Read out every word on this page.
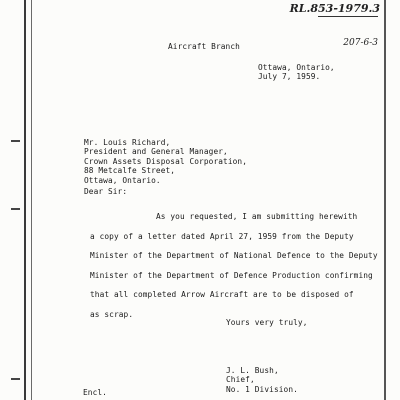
RL.853-1979.3
207-6-3
Aircraft Branch
Ottawa, Ontario,
July 7, 1959.
Mr. Louis Richard,
President and General Manager,
Crown Assets Disposal Corporation,
88 Metcalfe Street,
Ottawa, Ontario.
Dear Sir:
As you requested, I am submitting herewith
a copy of a letter dated April 27, 1959 from the Deputy
Minister of the Department of National Defence to the Deputy
Minister of the Department of Defence Production confirming
that all completed Arrow Aircraft are to be disposed of
as scrap.
Yours very truly,
J. L. Bush,
Chief,
No. 1 Division.
Encl.
